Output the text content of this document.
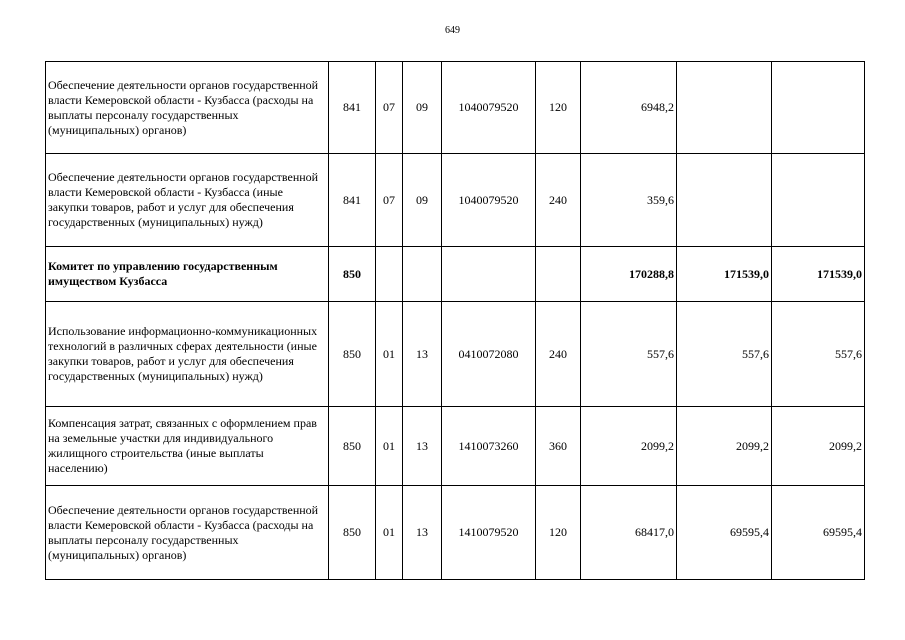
649
Обеспечение деятельности органов государственной власти Кемеровской области - Кузбасса (расходы на выплаты персоналу государственных (муниципальных) органов)	841	07	09	1040079520	120	6948,2		
Обеспечение деятельности органов государственной власти Кемеровской области - Кузбасса (иные закупки товаров, работ и услуг для обеспечения государственных (муниципальных) нужд)	841	07	09	1040079520	240	359,6		
Комитет по управлению государственным имуществом Кузбасса	850					170288,8	171539,0	171539,0
Использование информационно-коммуникационных технологий в различных сферах деятельности (иные закупки товаров, работ и услуг для обеспечения государственных (муниципальных) нужд)	850	01	13	0410072080	240	557,6	557,6	557,6
Компенсация затрат, связанных с оформлением прав на земельные участки для индивидуального жилищного строительства (иные выплаты населению)	850	01	13	1410073260	360	2099,2	2099,2	2099,2
Обеспечение деятельности органов государственной власти Кемеровской области - Кузбасса (расходы на выплаты персоналу государственных (муниципальных) органов)	850	01	13	1410079520	120	68417,0	69595,4	69595,4
